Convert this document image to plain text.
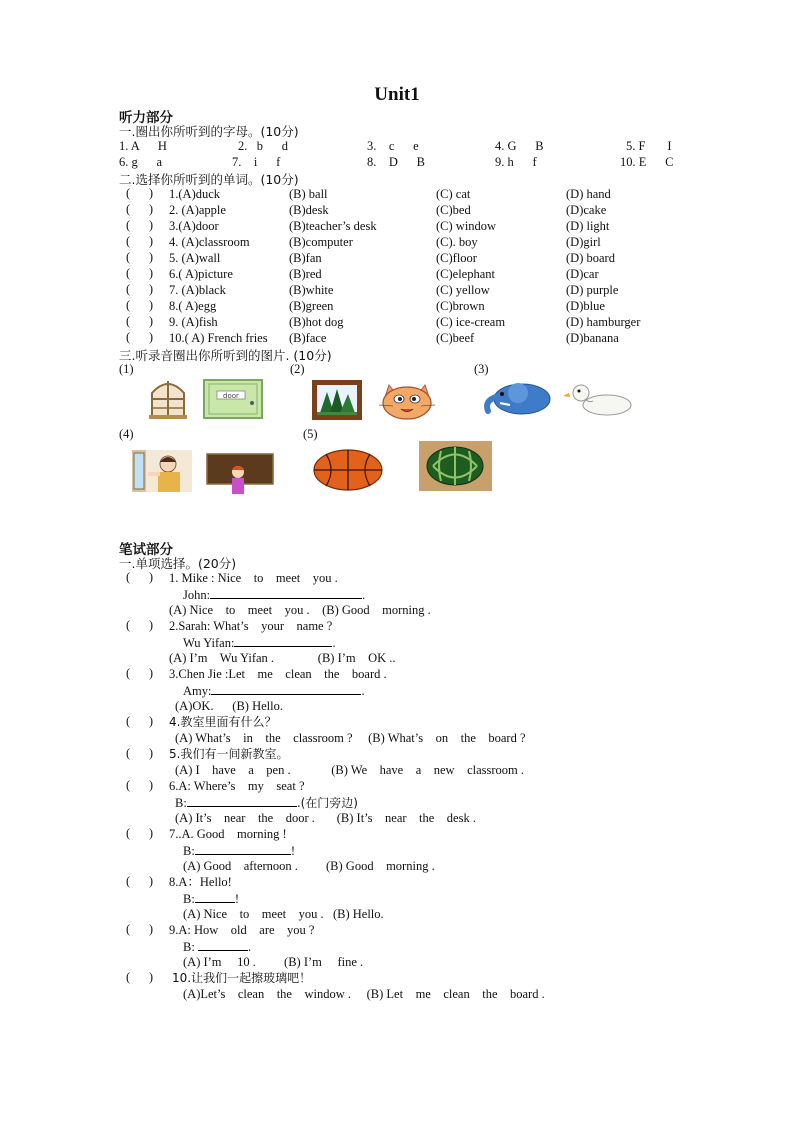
Unit1
听力部分
一.圈出你所听到的字母。(10分)
1. A      H	2.   b      d	3.    c      e	4. G      B	5. F       I
6. g      a	7.    i      f	8.    D      B	9. h      f	10. E      C
二.选择你所听到的单词。(10分)
(      ) 1.(A)duck	(B) ball	(C) cat	(D) hand
(      ) 2. (A)apple	(B)desk	(C)bed	(D)cake
(      ) 3.(A)door	(B)teacher’s desk	(C) window	(D) light
(      ) 4. (A)classroom	(B)computer	(C). boy	(D)girl
(      ) 5. (A)wall	(B)fan	(C)floor	(D) board
(      ) 6.( A)picture	(B)red	(C)elephant	(D)car
(      ) 7. (A)black	(B)white	(C) yellow	(D) purple
(      ) 8.( A)egg	(B)green	(C)brown	(D)blue
(      ) 9. (A)fish	(B)hot dog	(C) ice-cream	(D) hamburger
(      ) 10.( A) French fries (B)face	(C)beef	(D)banana
三.听录音圈出你所听到的图片. (10分)
(1)	(2)	(3)
(4)	(5)
door
笔试部分
一.单项选择。(20分)
(      ) 1. Mike : Nice    to    meet    you .
John:	.
(A) Nice    to    meet    you .    (B) Good    morning .
(      ) 2.Sarah: What’s    your    name ?
Wu Yifan:	.
(A) I’m    Wu Yifan .              (B) I’m    OK ..
(      ) 3.Chen Jie :Let    me    clean    the    board .
Amy:	.
(A)OK.      (B) Hello.
(      ) 4.教室里面有什么？
(A) What’s    in    the    classroom ?     (B) What’s    on    the    board ?
(      ) 5.我们有一间新教室。
(A) I    have    a    pen .             (B) We    have    a    new    classroom .
(      ) 6.A: Where’s    my    seat ?
B:	.(在门旁边)
(A) It’s    near    the    door .       (B) It’s    near    the    desk .
(      ) 7..A. Good    morning !
B:	!
(A) Good    afternoon .         (B) Good    morning .
(      ) 8.A：Hello!
B:	!
(A) Nice    to    meet    you .   (B) Hello.
(      ) 9.A: How    old    are    you ?
B:	.
(A) I’m     10 .         (B) I’m     fine .
(      ) 10.让我们一起擦玻璃吧！
(A)Let’s    clean    the    window .     (B) Let    me    clean    the    board .
